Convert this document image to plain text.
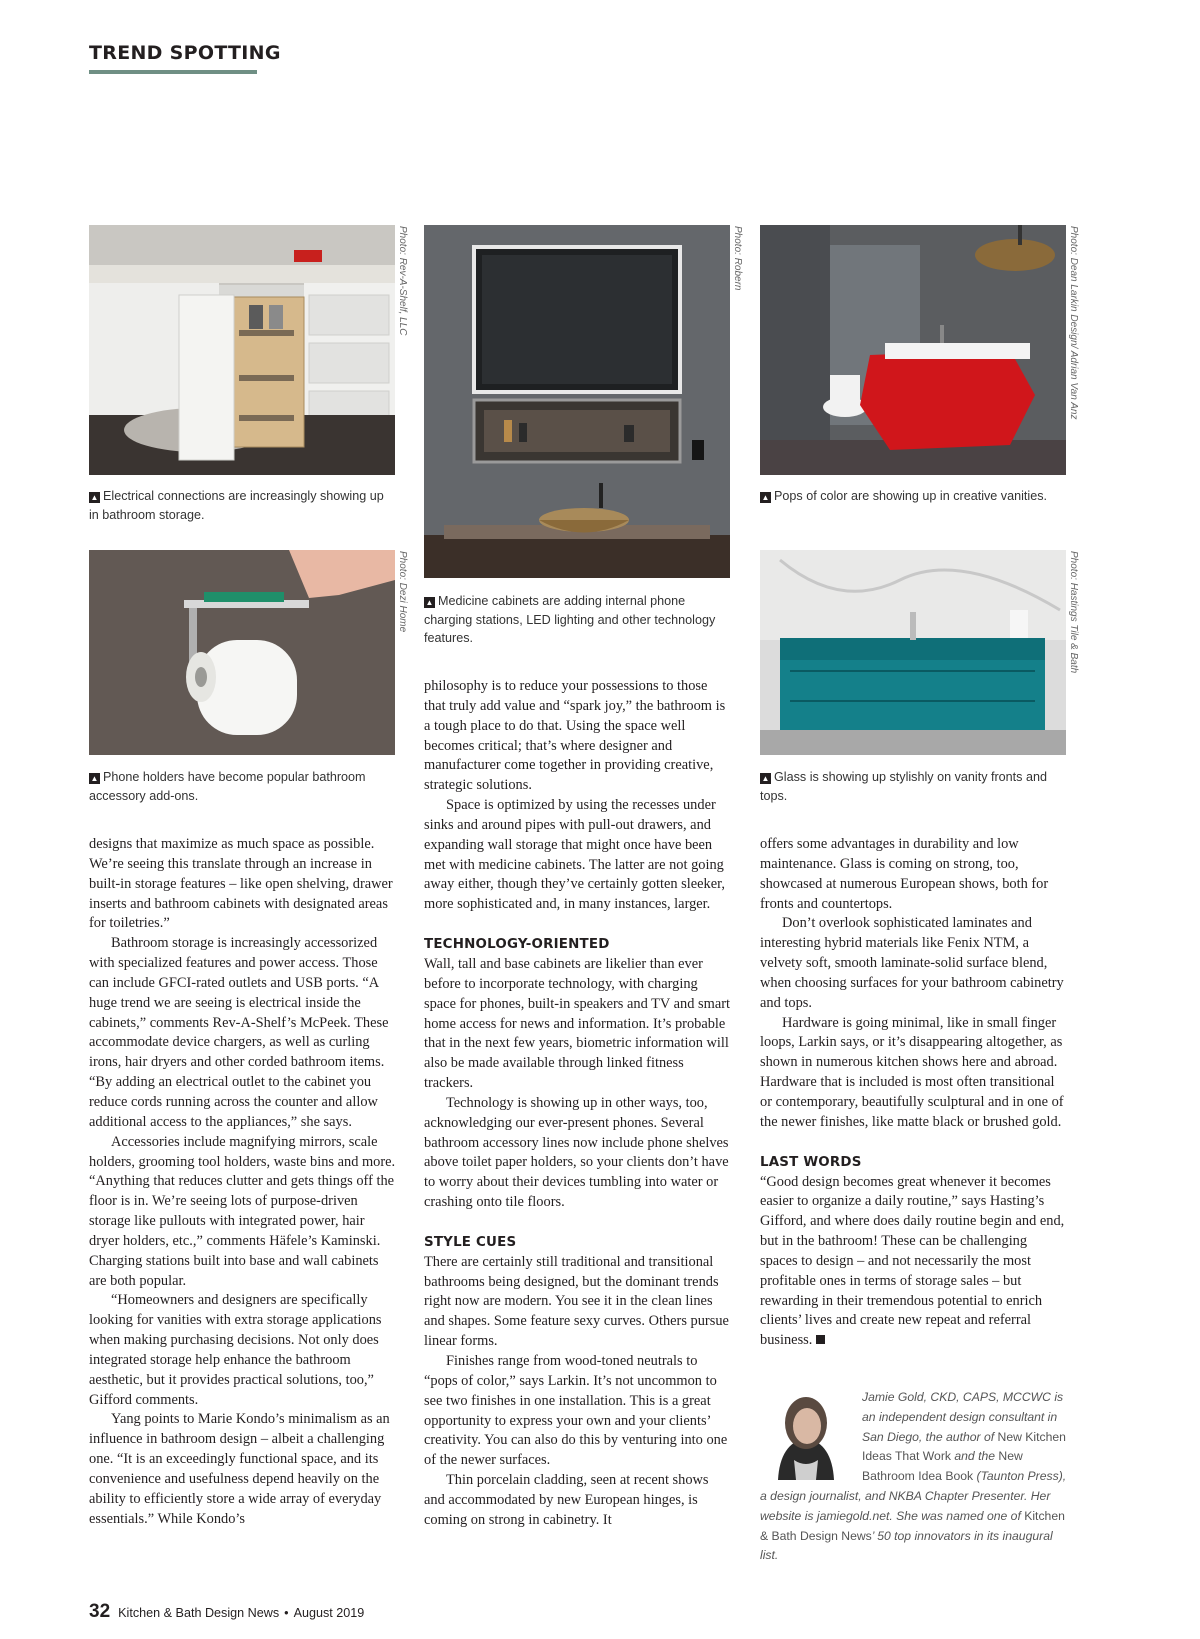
TREND SPOTTING
Photo: Rev-A-Shelf, LLC
▲ Electrical connections are increasingly showing up in bathroom storage.
Photo: Robern
▲ Medicine cabinets are adding internal phone charging stations, LED lighting and other technology features.
Photo: Dean Larkin Design/ Adrian Van Anz
▲ Pops of color are showing up in creative vanities.
Photo: Dezi Home
▲ Phone holders have become popular bathroom accessory add-ons.
Photo: Hastings Tile & Bath
▲ Glass is showing up stylishly on vanity fronts and tops.

designs that maximize as much space as possible. We’re seeing this translate through an increase in built-in storage features – like open shelving, drawer inserts and bathroom cabinets with designated areas for toiletries.”

Bathroom storage is increasingly accessorized with specialized features and power access. Those can include GFCI-rated outlets and USB ports. “A huge trend we are seeing is electrical inside the cabinets,” comments Rev-A-Shelf’s McPeek. These accommodate device chargers, as well as curling irons, hair dryers and other corded bathroom items. “By adding an electrical outlet to the cabinet you reduce cords running across the counter and allow additional access to the appliances,” she says.

Accessories include magnifying mirrors, scale holders, grooming tool holders, waste bins and more. “Anything that reduces clutter and gets things off the floor is in. We’re seeing lots of purpose-driven storage like pullouts with integrated power, hair dryer holders, etc.,” comments Häfele’s Kaminski. Charging stations built into base and wall cabinets are both popular.

“Homeowners and designers are specifically looking for vanities with extra storage applications when making purchasing decisions. Not only does integrated storage help enhance the bathroom aesthetic, but it provides practical solutions, too,” Gifford comments.

Yang points to Marie Kondo’s minimalism as an influence in bathroom design – albeit a challenging one. “It is an exceedingly functional space, and its convenience and usefulness depend heavily on the ability to efficiently store a wide array of everyday essentials.” While Kondo’s

philosophy is to reduce your possessions to those that truly add value and “spark joy,” the bathroom is a tough place to do that. Using the space well becomes critical; that’s where designer and manufacturer come together in providing creative, strategic solutions.

Space is optimized by using the recesses under sinks and around pipes with pull-out drawers, and expanding wall storage that might once have been met with medicine cabinets. The latter are not going away either, though they’ve certainly gotten sleeker, more sophisticated and, in many instances, larger.

TECHNOLOGY-ORIENTED

Wall, tall and base cabinets are likelier than ever before to incorporate technology, with charging space for phones, built-in speakers and TV and smart home access for news and information. It’s probable that in the next few years, biometric information will also be made available through linked fitness trackers.

Technology is showing up in other ways, too, acknowledging our ever-present phones. Several bathroom accessory lines now include phone shelves above toilet paper holders, so your clients don’t have to worry about their devices tumbling into water or crashing onto tile floors.

STYLE CUES

There are certainly still traditional and transitional bathrooms being designed, but the dominant trends right now are modern. You see it in the clean lines and shapes. Some feature sexy curves. Others pursue linear forms.

Finishes range from wood-toned neutrals to “pops of color,” says Larkin. It’s not uncommon to see two finishes in one installation. This is a great opportunity to express your own and your clients’ creativity. You can also do this by venturing into one of the newer surfaces.

Thin porcelain cladding, seen at recent shows and accommodated by new European hinges, is coming on strong in cabinetry. It

offers some advantages in durability and low maintenance. Glass is coming on strong, too, showcased at numerous European shows, both for fronts and countertops.

Don’t overlook sophisticated laminates and interesting hybrid materials like Fenix NTM, a velvety soft, smooth laminate-solid surface blend, when choosing surfaces for your bathroom cabinetry and tops.

Hardware is going minimal, like in small finger loops, Larkin says, or it’s disappearing altogether, as shown in numerous kitchen shows here and abroad. Hardware that is included is most often transitional or contemporary, beautifully sculptural and in one of the newer finishes, like matte black or brushed gold.

LAST WORDS

“Good design becomes great whenever it becomes easier to organize a daily routine,” says Hasting’s Gifford, and where does daily routine begin and end, but in the bathroom! These can be challenging spaces to design – and not necessarily the most profitable ones in terms of storage sales – but rewarding in their tremendous potential to enrich clients’ lives and create new repeat and referral business.

Jamie Gold, CKD, CAPS, MCCWC is an independent design consultant in San Diego, the author of New Kitchen Ideas That Work and the New Bathroom Idea Book (Taunton Press), a design journalist, and NKBA Chapter Presenter. Her website is jamiegold.net. She was named one of Kitchen & Bath Design News’ 50 top innovators in its inaugural list.
32 Kitchen & Bath Design News • August 2019
